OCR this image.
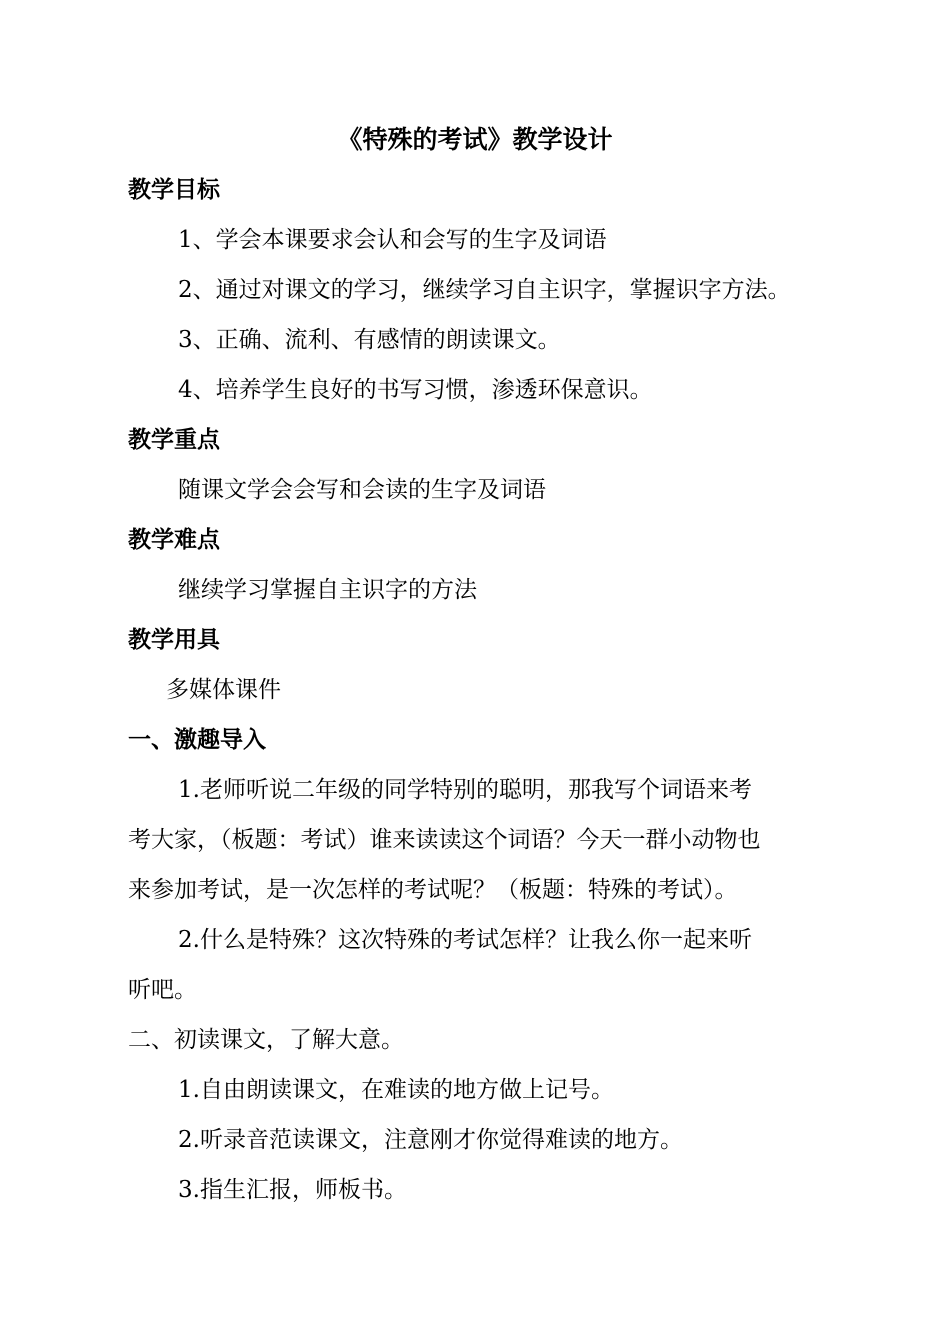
《特殊的考试》教学设计
教学目标
1、学会本课要求会认和会写的生字及词语
2、通过对课文的学习，继续学习自主识字，掌握识字方法。
3、正确、流利、有感情的朗读课文。
4、培养学生良好的书写习惯，渗透环保意识。
教学重点
随课文学会会写和会读的生字及词语
教学难点
继续学习掌握自主识字的方法
教学用具
多媒体课件
一、激趣导入
1.老师听说二年级的同学特别的聪明，那我写个词语来考
考大家，（板题：考试）谁来读读这个词语？今天一群小动物也
来参加考试，是一次怎样的考试呢？（板题：特殊的考试）。
2.什么是特殊？这次特殊的考试怎样？让我么你一起来听
听吧。
二、初读课文，了解大意。
1.自由朗读课文，在难读的地方做上记号。
2.听录音范读课文，注意刚才你觉得难读的地方。
3.指生汇报，师板书。
